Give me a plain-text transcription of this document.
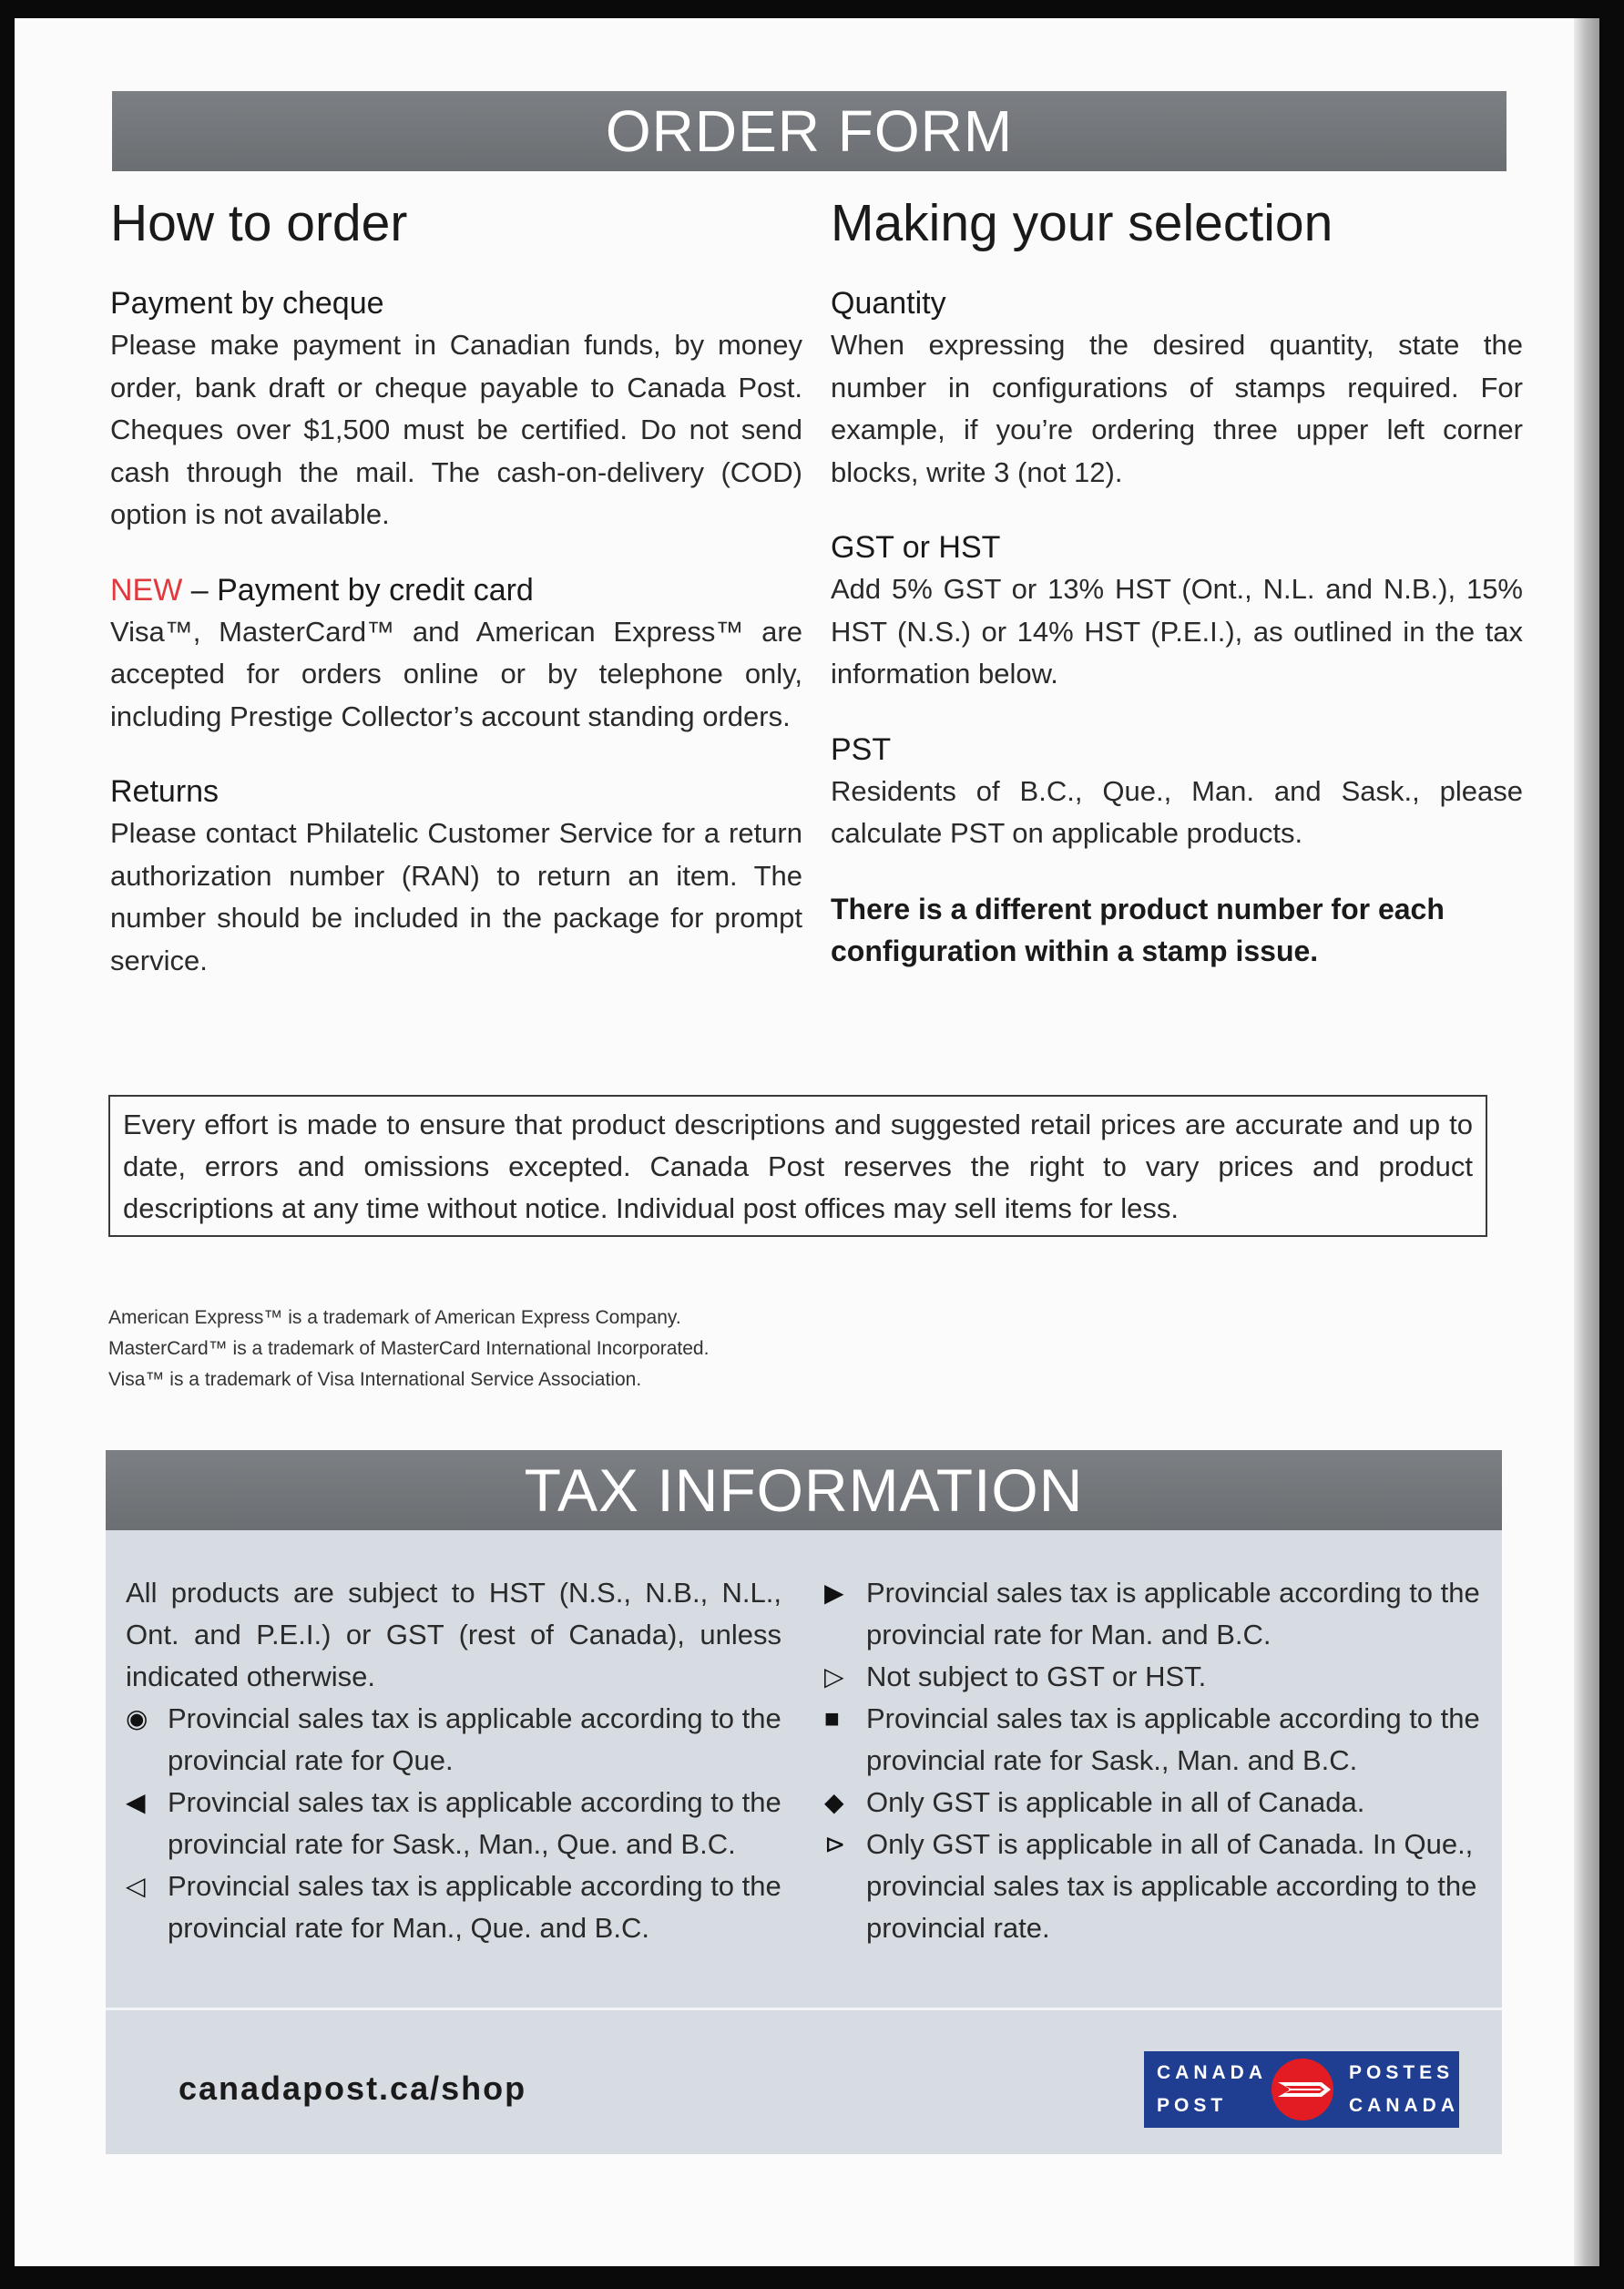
ORDER FORM
How to order
Payment by cheque

Please make payment in Canadian funds, by money order, bank draft or cheque payable to Canada Post. Cheques over $1,500 must be certified. Do not send cash through the mail. The cash-on-delivery (COD) option is not available.

NEW – Payment by credit card

Visa™, MasterCard™ and American Express™ are accepted for orders online or by telephone only, including Prestige Collector’s account standing orders.

Returns

Please contact Philatelic Customer Service for a return authorization number (RAN) to return an item. The number should be included in the package for prompt service.

Making your selection
Quantity

When expressing the desired quantity, state the number in configurations of stamps required. For example, if you’re ordering three upper left corner blocks, write 3 (not 12).

GST or HST

Add 5% GST or 13% HST (Ont., N.L. and N.B.), 15% HST (N.S.) or 14% HST (P.E.I.), as outlined in the tax information below.

PST

Residents of B.C., Que., Man. and Sask., please calculate PST on applicable products.

There is a different product number for each configuration within a stamp issue.

Every effort is made to ensure that product descriptions and suggested retail prices are accurate and up to date, errors and omissions excepted. Canada Post reserves the right to vary prices and product descriptions at any time without notice. Individual post offices may sell items for less.
American Express™ is a trademark of American Express Company.
MasterCard™ is a trademark of MasterCard International Incorporated.
Visa™ is a trademark of Visa International Service Association.
TAX INFORMATION

All products are subject to HST (N.S., N.B., N.L., Ont. and P.E.I.) or GST (rest of Canada), unless indicated otherwise.

◉ Provincial sales tax is applicable according to the provincial rate for Que.
◀ Provincial sales tax is applicable according to the provincial rate for Sask., Man., Que. and B.C.
◁ Provincial sales tax is applicable according to the provincial rate for Man., Que. and B.C.
▶ Provincial sales tax is applicable according to the provincial rate for Man. and B.C.
▷ Not subject to GST or HST.
■ Provincial sales tax is applicable according to the provincial rate for Sask., Man. and B.C.
◆ Only GST is applicable in all of Canada.
⊳ Only GST is applicable in all of Canada. In Que., provincial sales tax is applicable according to the provincial rate.
canadapost.ca/shop	CANADA
POST
POSTES
CANADA
